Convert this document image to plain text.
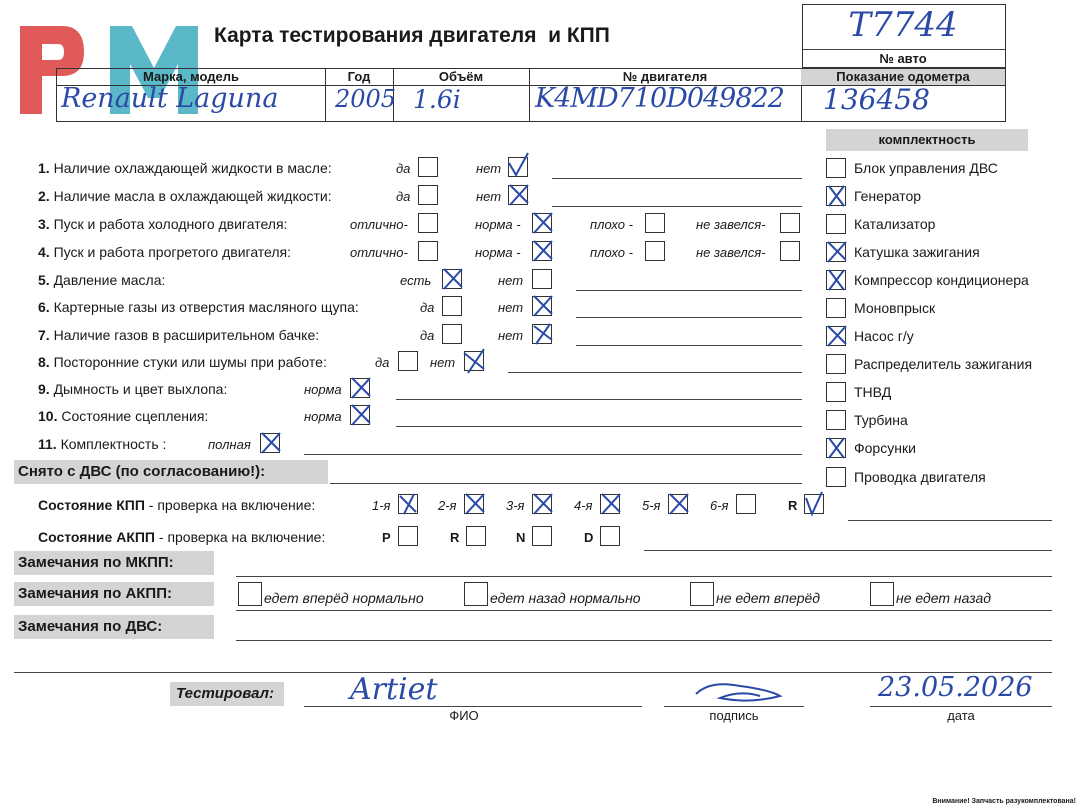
Карта тестирования двигателя  и КПП	T7744
№ авто
Марка, модель	Год	Объём	№ двигателя	Показание одометра
Renault Laguna	2005 1.6i	K4MD710D049822 136458
комплектность
1. Наличие охлаждающей жидкости в масле:	да	нет
2. Наличие масла в охлаждающей жидкости:	да	нет
3. Пуск и работа холодного двигателя:	отлично-	норма -	плохо -	не завелся-
4. Пуск и работа прогретого двигателя:	отлично-	норма -	плохо -	не завелся-
5. Давление масла:	есть	нет
6. Картерные газы из отверстия масляного щупа:	да	нет
7. Наличие газов в расширительном бачке:	да	нет
8. Посторонние стуки или шумы при работе:	да	нет
9. Дымность и цвет выхлопа:	норма
10. Состояние сцепления:	норма
11. Комплектность :	полная
Блок управления ДВС
Генератор
Катализатор
Катушка зажигания
Компрессор кондиционера
Моновпрыск
Насос г/у
Распределитель зажигания
ТНВД
Турбина
Форсунки
Проводка двигателя
Снято с ДВС (по согласованию!):
Состояние КПП - проверка на включение:	1-я	2-я	3-я	4-я	5-я	6-я	R
Состояние АКПП - проверка на включение:	P	R	N	D
Замечания по МКПП:
Замечания по АКПП:	едет вперёд нормально	едет назад нормально	не едет вперёд	не едет назад
Замечания по ДВС:
Тестировал:	Artiet
ФИО	подпись
23.05.2026
дата
Внимание! Запчасть разукомплектована!
